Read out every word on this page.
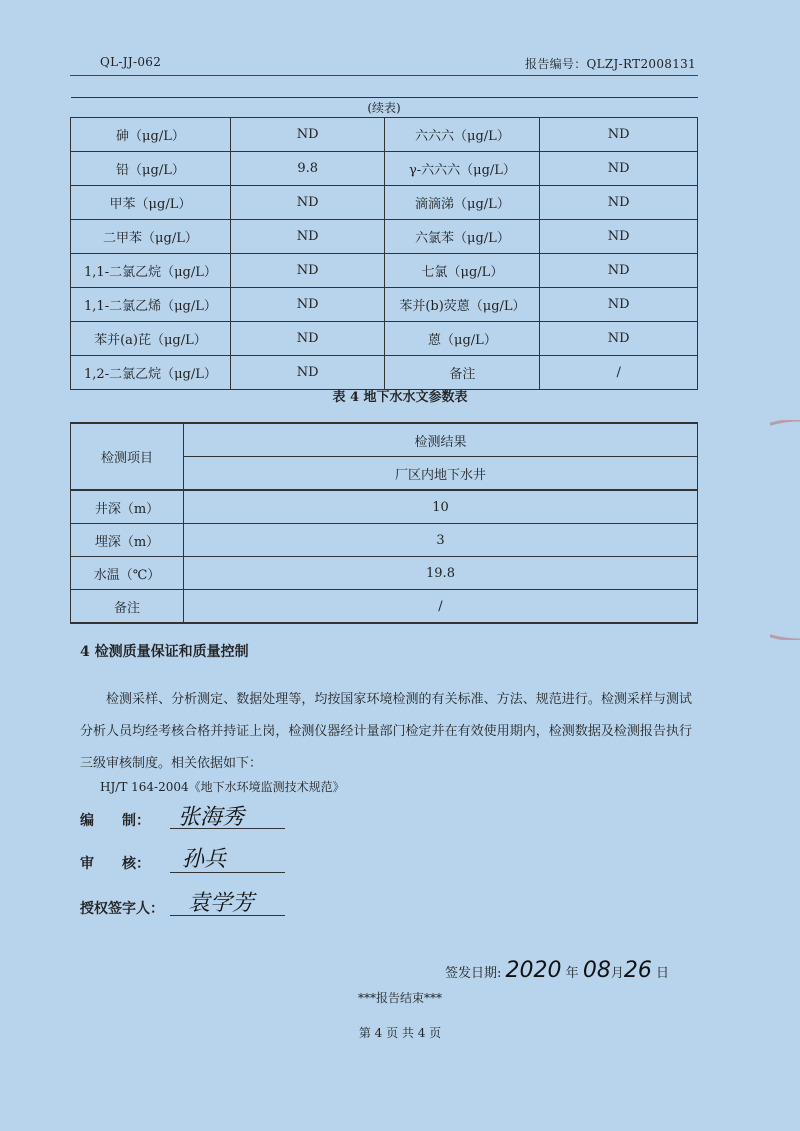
QL-JJ-062	报告编号：QLZJ-RT2008131
(续表)			
砷（μg/L）	ND	六六六（μg/L）	ND
铅（μg/L）	9.8	γ-六六六（μg/L）	ND
甲苯（μg/L）	ND	滴滴涕（μg/L）	ND
二甲苯（μg/L）	ND	六氯苯（μg/L）	ND
1,1-二氯乙烷（μg/L）	ND	七氯（μg/L）	ND
1,1-二氯乙烯（μg/L）	ND	苯并(b)荧蒽（μg/L）	ND
苯并(a)芘（μg/L）	ND	蒽（μg/L）	ND
1,2-二氯乙烷（μg/L）	ND	备注	/
表 4 地下水水文参数表
检测项目	检测结果
	厂区内地下水井
井深（m）	10
埋深（m）	3
水温（℃）	19.8
备注	/
4 检测质量保证和质量控制
检测采样、分析测定、数据处理等，均按国家环境检测的有关标准、方法、规范进行。检测采样与测试分析人员均经考核合格并持证上岗，检测仪器经计量部门检定并在有效使用期内，检测数据及检测报告执行三级审核制度。相关依据如下：
HJ/T 164-2004《地下水环境监测技术规范》
编　　制： 张海秀
审　　核： 孙兵
授权签字人： 袁学芳
签发日期: 2020 年 08月26 日
***报告结束***
第 4 页 共 4 页
